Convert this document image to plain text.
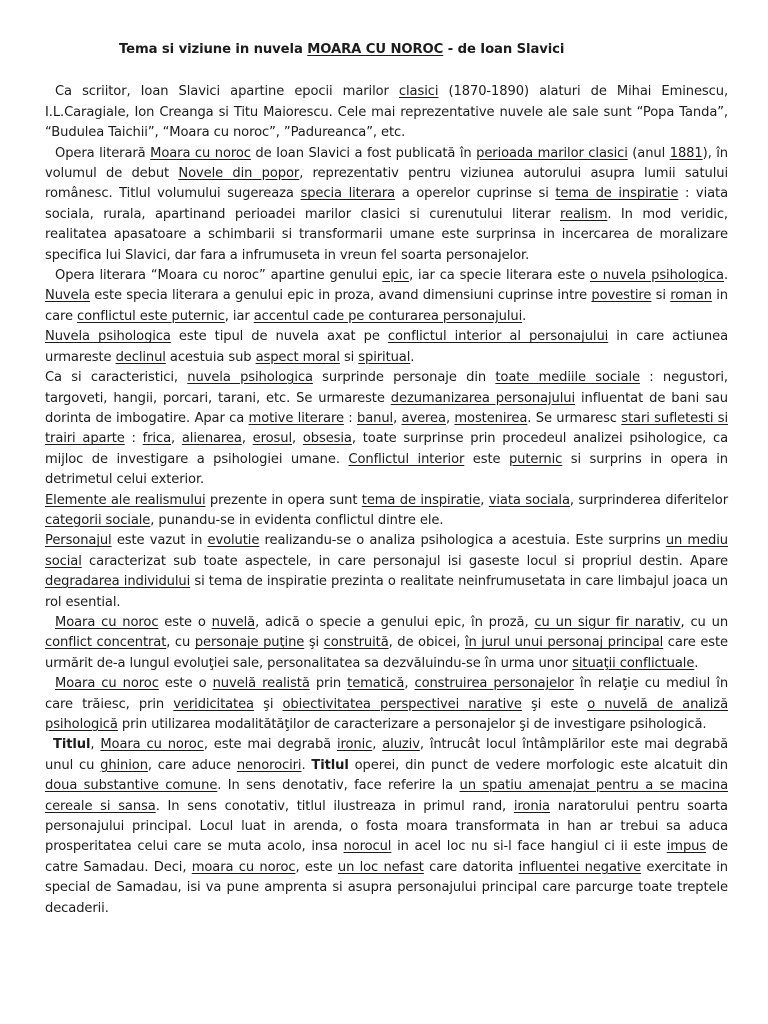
Tema si viziune in nuvela MOARA CU NOROC - de Ioan Slavici

Ca scriitor, Ioan Slavici apartine epocii marilor clasici (1870-1890) alaturi de Mihai Eminescu, I.L.Caragiale, Ion Creanga si Titu Maiorescu. Cele mai reprezentative nuvele ale sale sunt “Popa Tanda”, “Budulea Taichii”, “Moara cu noroc”, ”Padureanca”, etc.

Opera literară Moara cu noroc de Ioan Slavici a fost publicată în perioada marilor clasici (anul 1881), în volumul de debut Novele din popor, reprezentativ pentru viziunea autorului asupra lumii satului românesc. Titlul volumului sugereaza specia literara a operelor cuprinse si tema de inspiratie : viata sociala, rurala, apartinand perioadei marilor clasici si curenutului literar realism. In mod veridic, realitatea apasatoare a schimbarii si transformarii umane este surprinsa in incercarea de moralizare specifica lui Slavici, dar fara a infrumuseta in vreun fel soarta personajelor.

Opera literara “Moara cu noroc” apartine genului epic, iar ca specie literara este o nuvela psihologica. Nuvela este specia literara a genului epic in proza, avand dimensiuni cuprinse intre povestire si roman in care conflictul este puternic, iar accentul cade pe conturarea personajului.

Nuvela psihologica este tipul de nuvela axat pe conflictul interior al personajului in care actiunea urmareste declinul acestuia sub aspect moral si spiritual.

Ca si caracteristici, nuvela psihologica surprinde personaje din toate mediile sociale : negustori, targoveti, hangii, porcari, tarani, etc. Se urmareste dezumanizarea personajului influentat de bani sau dorinta de imbogatire. Apar ca motive literare : banul, averea, mostenirea. Se urmaresc stari sufletesti si trairi aparte : frica, alienarea, erosul, obsesia, toate surprinse prin procedeul analizei psihologice, ca mijloc de investigare a psihologiei umane. Conflictul interior este puternic si surprins in opera in detrimetul celui exterior.

Elemente ale realismului prezente in opera sunt tema de inspiratie, viata sociala, surprinderea diferitelor categorii sociale, punandu-se in evidenta conflictul dintre ele.

Personajul este vazut in evolutie realizandu-se o analiza psihologica a acestuia. Este surprins un mediu social caracterizat sub toate aspectele, in care personajul isi gaseste locul si propriul destin. Apare degradarea individului si tema de inspiratie prezinta o realitate neinfrumusetata in care limbajul joaca un rol esential.

Moara cu noroc este o nuvelă, adică o specie a genului epic, în proză, cu un sigur fir narativ, cu un conflict concentrat, cu personaje puţine şi construită, de obicei, în jurul unui personaj principal care este urmărit de-a lungul evoluţiei sale, personalitatea sa dezvăluindu-se în urma unor situaţii conflictuale.

Moara cu noroc este o nuvelă realistă prin tematică, construirea personajelor în relaţie cu mediul în care trăiesc, prin veridicitatea şi obiectivitatea perspectivei narative şi este o nuvelă de analiză psihologică prin utilizarea modalitătăţilor de caracterizare a personajelor şi de investigare psihologică.

Titlul, Moara cu noroc, este mai degrabă ironic, aluziv, întrucât locul întâmplărilor este mai degrabă unul cu ghinion, care aduce nenorociri. Titlul operei, din punct de vedere morfologic este alcatuit din doua substantive comune. In sens denotativ, face referire la un spatiu amenajat pentru a se macina cereale si sansa. In sens conotativ, titlul ilustreaza in primul rand, ironia naratorului pentru soarta personajului principal. Locul luat in arenda, o fosta moara transformata in han ar trebui sa aduca prosperitatea celui care se muta acolo, insa norocul in acel loc nu si-l face hangiul ci ii este impus de catre Samadau. Deci, moara cu noroc, este un loc nefast care datorita influentei negative exercitate in special de Samadau, isi va pune amprenta si asupra personajului principal care parcurge toate treptele decaderii.
